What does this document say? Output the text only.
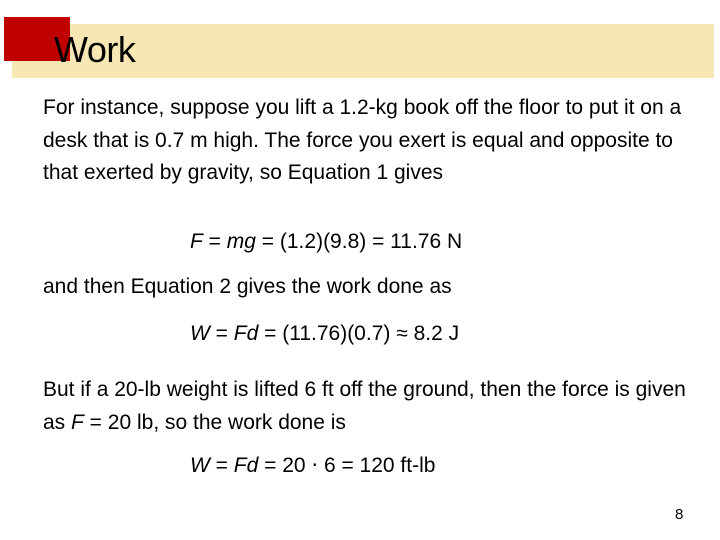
Work
For instance, suppose you lift a 1.2-kg book off the floor to put it on a desk that is 0.7 m high. The force you exert is equal and opposite to that exerted by gravity, so Equation 1 gives
F = mg = (1.2)(9.8) = 11.76 N
and then Equation 2 gives the work done as
W = Fd = (11.76)(0.7) ≈ 8.2 J
But if a 20-lb weight is lifted 6 ft off the ground, then the force is given as F = 20 lb, so the work done is
W = Fd = 20 ⋅ 6 = 120 ft-lb
8
